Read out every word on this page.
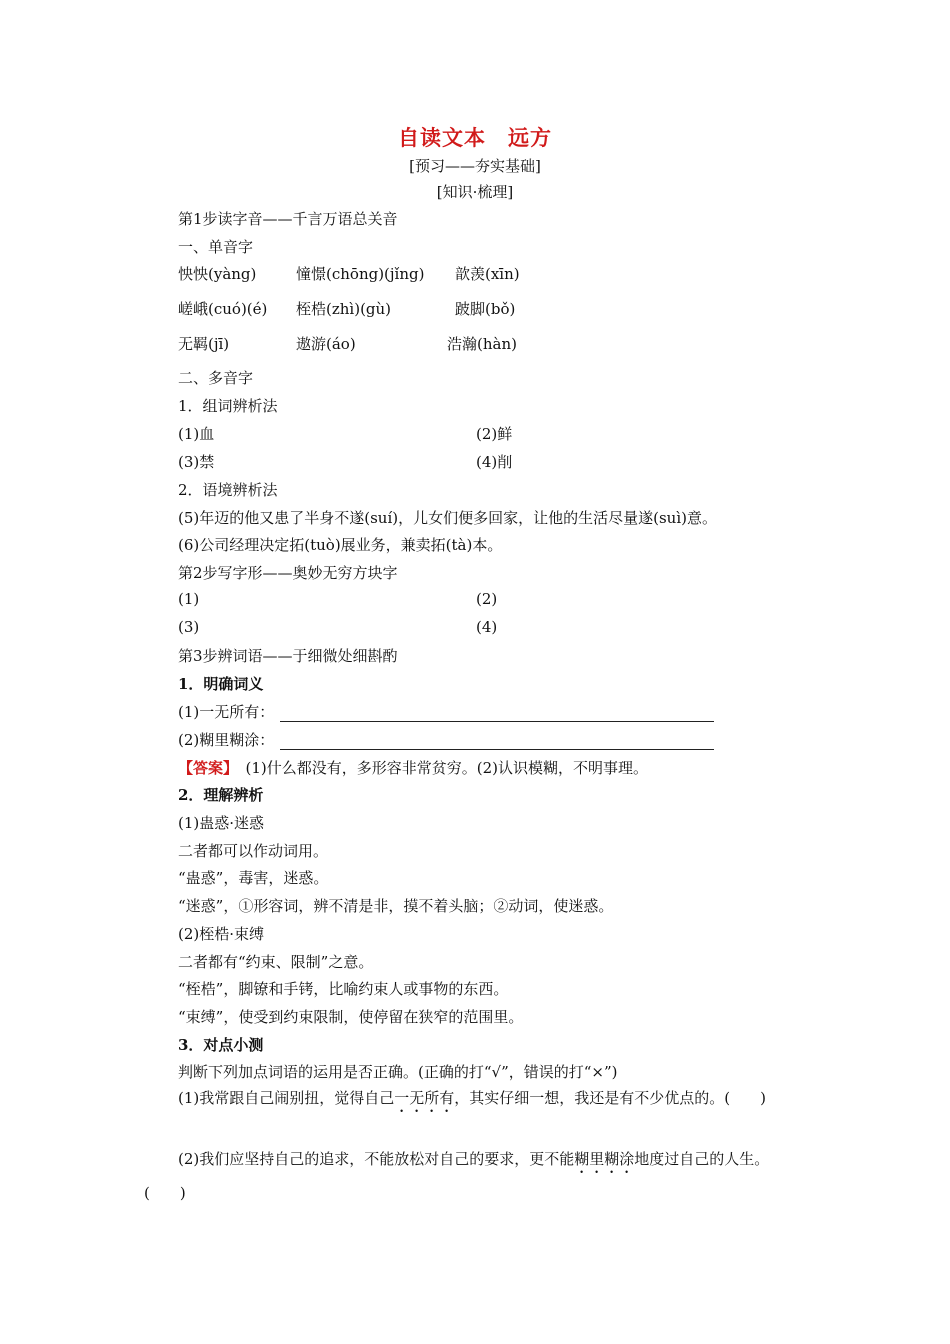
自读文本　远方
[预习——夯实基础]
[知识·梳理]
第1步读字音——千言万语总关音
一、单音字
怏怏(yàng)	憧憬(chōng)(jǐng) 歆羡(xīn)
嵯峨(cuó)(é) 桎梏(zhì)(gù)	跛脚(bǒ)
无羁(jī)	遨游(áo)	浩瀚(hàn)
二、多音字
1．组词辨析法
(1)血	(2)鲜
(3)禁	(4)削
2．语境辨析法
(5)年迈的他又患了半身不遂(suí)，儿女们便多回家，让他的生活尽量遂(suì)意。
(6)公司经理决定拓(tuò)展业务，兼卖拓(tà)本。
第2步写字形——奥妙无穷方块字
(1)	(2)
(3)	(4)
第3步辨词语——于细微处细斟酌
1．明确词义
(1)一无所有：
(2)糊里糊涂：
【答案】　(1)什么都没有，多形容非常贫穷。(2)认识模糊，不明事理。
2．理解辨析
(1)蛊惑·迷惑
二者都可以作动词用。
“蛊惑”，毒害，迷惑。
“迷惑”，①形容词，辨不清是非，摸不着头脑；②动词，使迷惑。
(2)桎梏·束缚
二者都有“约束、限制”之意。
“桎梏”，脚镣和手铐，比喻约束人或事物的东西。
“束缚”，使受到约束限制，使停留在狭窄的范围里。
3．对点小测
判断下列加点词语的运用是否正确。(正确的打“√”，错误的打“×”)
(1)我常跟自己闹别扭，觉得自己一无所有，其实仔细一想，我还是有不少优点的。(　　)
(2)我们应坚持自己的追求，不能放松对自己的要求，更不能糊里糊涂地度过自己的人生。(　　)
